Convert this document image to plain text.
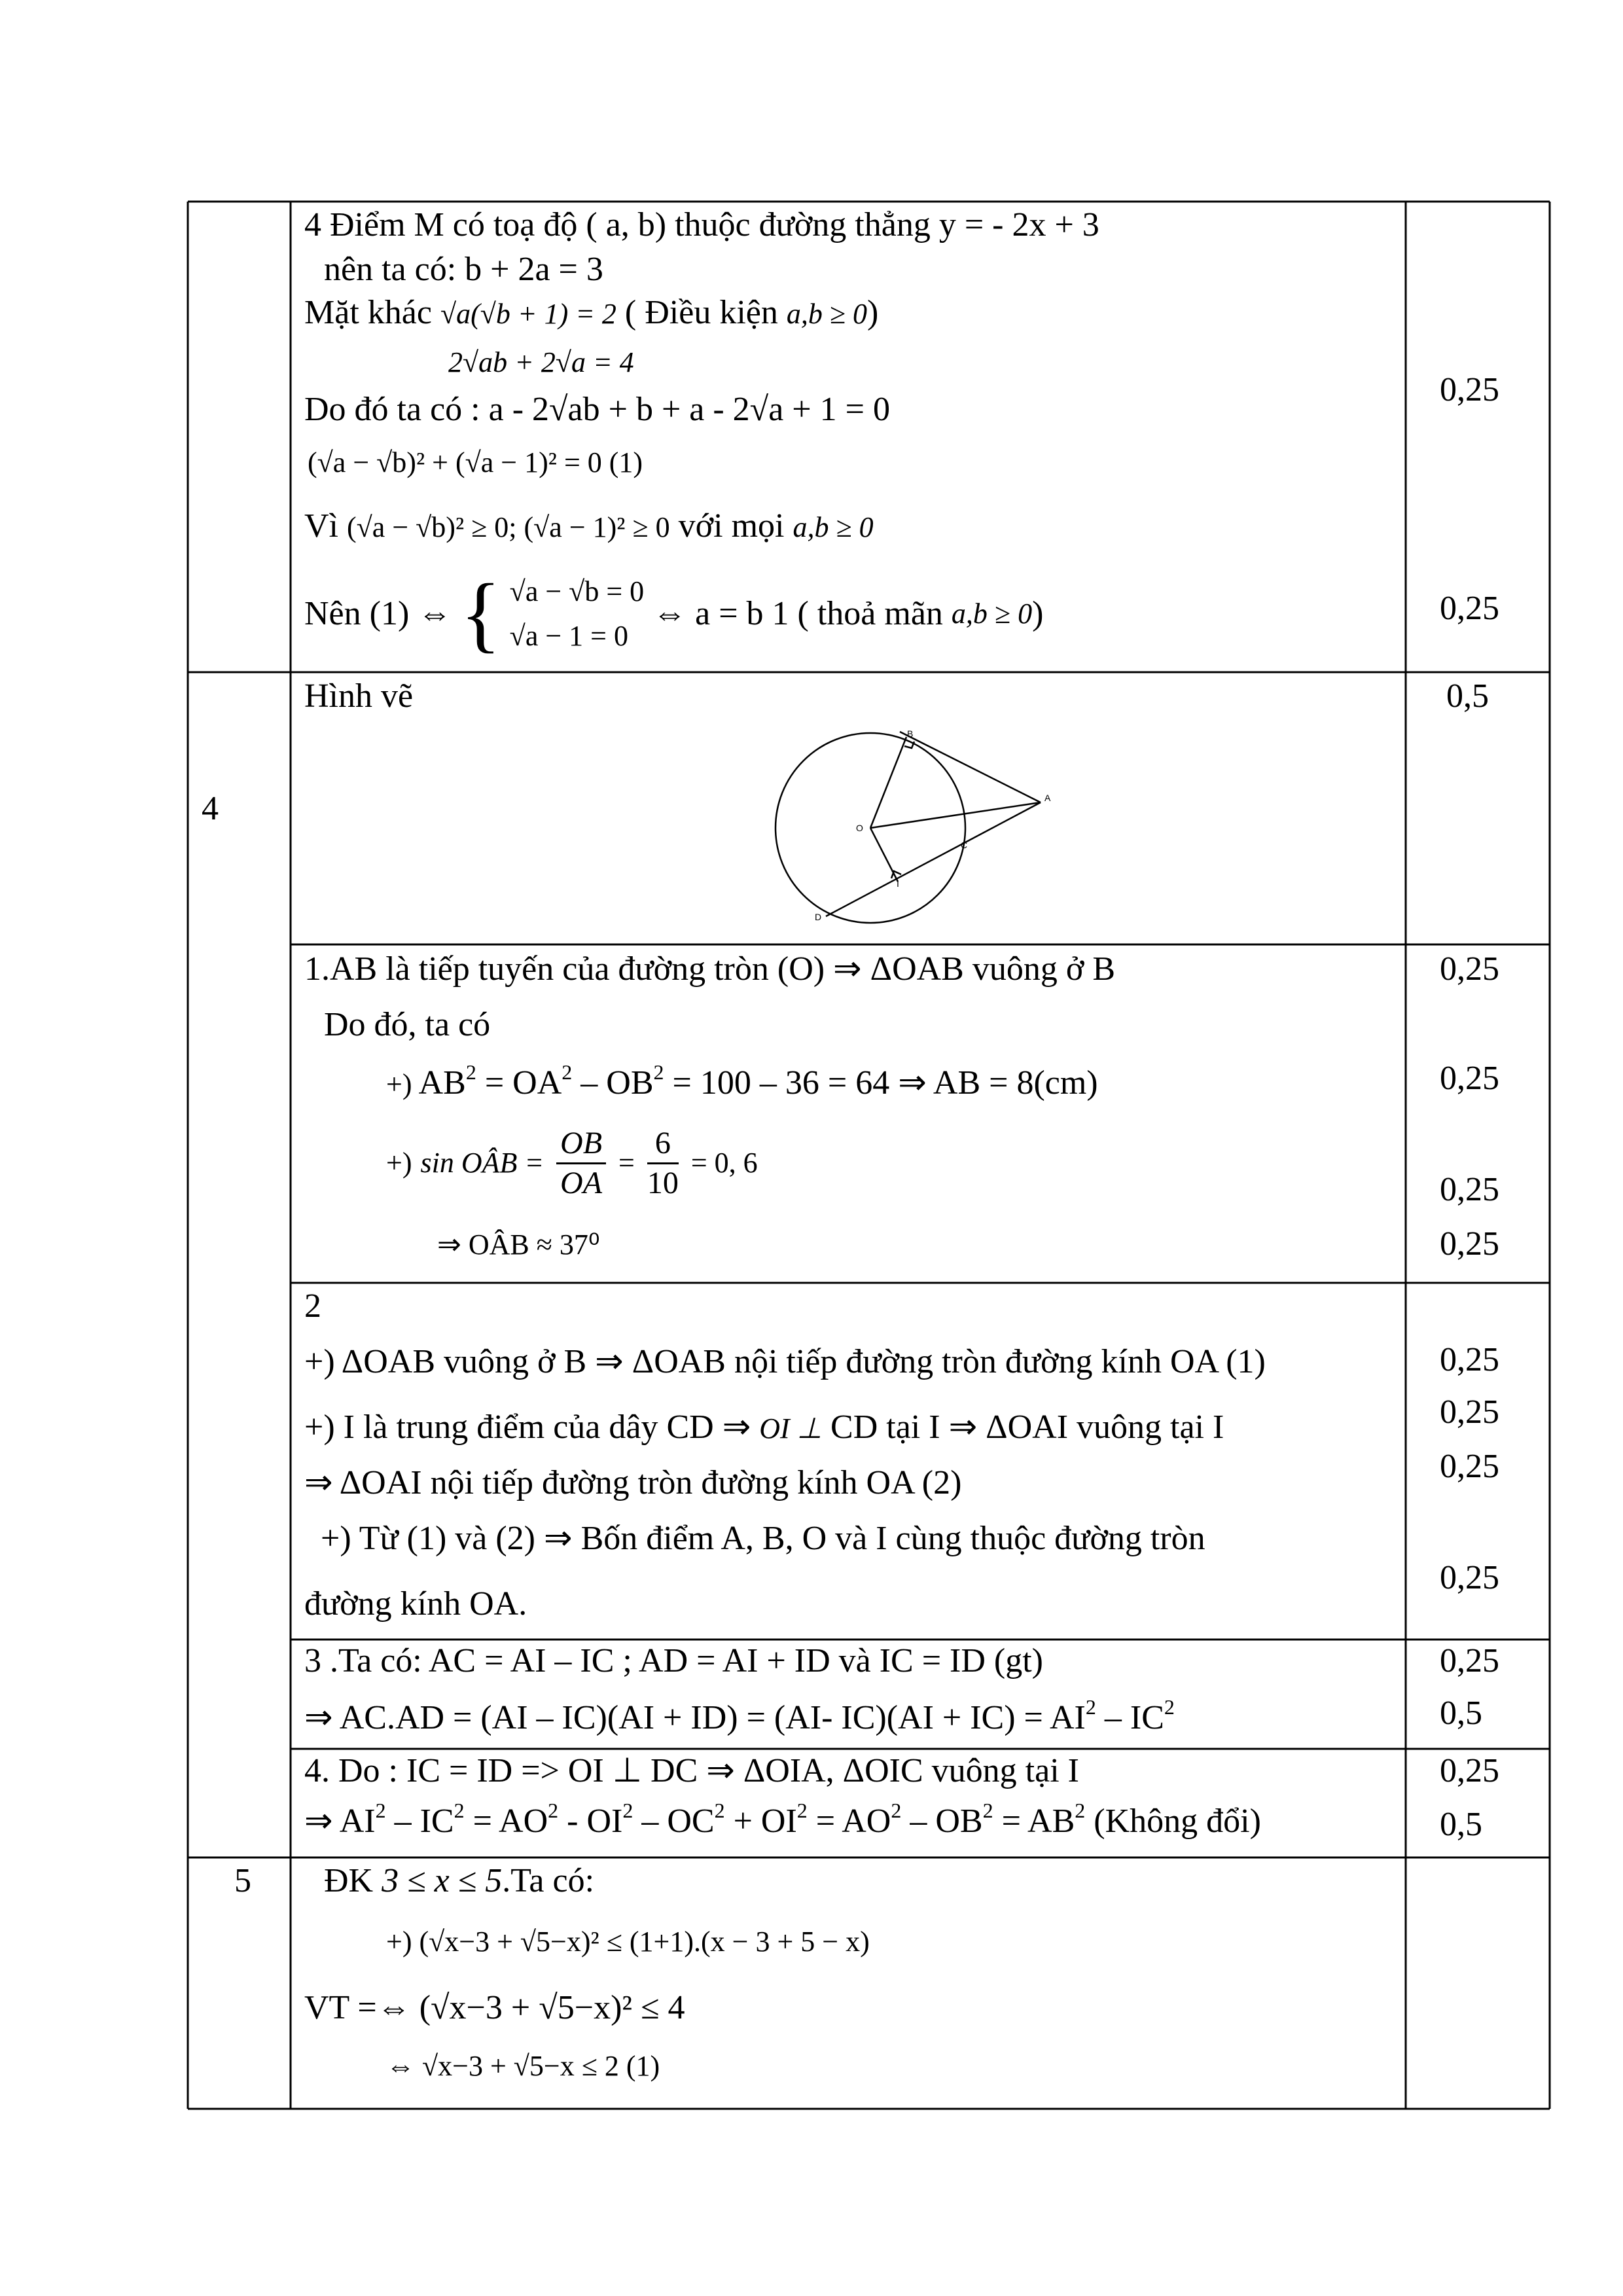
4 Điểm M có toạ độ ( a, b) thuộc đường thẳng y = - 2x + 3
nên ta có: b + 2a = 3
Mặt khác √a(√b + 1) = 2 ( Điều kiện a,b ≥ 0)
2√ab + 2√a = 4
Do đó ta có : a - 2√ab + b + a - 2√a + 1 = 0
(√a − √b)² + (√a − 1)² = 0 (1)
Vì (√a − √b)² ≥ 0; (√a − 1)² ≥ 0 với mọi a,b ≥ 0
Nên (1) ⇔ { √a − √b = 0
√a − 1 = 0
⇔ a = b 1 ( thoả mãn a,b ≥ 0)
0,25
0,25
4
Hình vẽ	0,5
B
A
O
C
I
D
1.AB là tiếp tuyến của đường tròn (O) ⇒ ΔOAB vuông ở B
Do đó, ta có
+) $AB^2 = OA^2 - OB^2 = 100 - 36 = 64$ ⇒ AB = 8(cm)
+) sin OÂB = $\frac{OB}{OA} = \frac{6}{10} = 0$, 6
⇒ OÂB ≈ 37⁰
0,25
0,25
0,25
0,25
2
+) ΔOAB vuông ở B ⇒ ΔOAB nội tiếp đường tròn đường kính OA (1)
+) I là trung điểm của dây CD ⇒ OI ⊥ CD tại I ⇒ ΔOAI vuông tại I
⇒ ΔOAI nội tiếp đường tròn đường kính OA (2)
+) Từ (1) và (2) ⇒ Bốn điểm A, B, O và I cùng thuộc đường tròn
đường kính OA.
0,25
0,25
0,25
0,25
3 .Ta có: AC = AI – IC ; AD = AI + ID và IC = ID (gt)
⇒ AC.AD = (AI – IC)(AI + ID) = (AI- $IC)(AI + IC) = AI^2 - IC^2$
0,25
0,5
4. Do : IC = ID => OI ⊥ DC ⇒ ΔOIA, ΔOIC vuông tại I
⇒ $AI^2 - IC^2 = AO^2 - OI^2 - OC^2 + OI^2 = AO^2 - OB^2 = AB^2$ (Không đổi)
0,25
0,5
5 ĐK 3 ≤ x ≤ 5.Ta có:
+) (√x−3 + √5−x)² ≤ (1+1).(x − 3 + 5 − x)
VT =⇔ (√x−3 + √5−x)² ≤ 4
⇔ √x−3 + √5−x ≤ 2 (1)
